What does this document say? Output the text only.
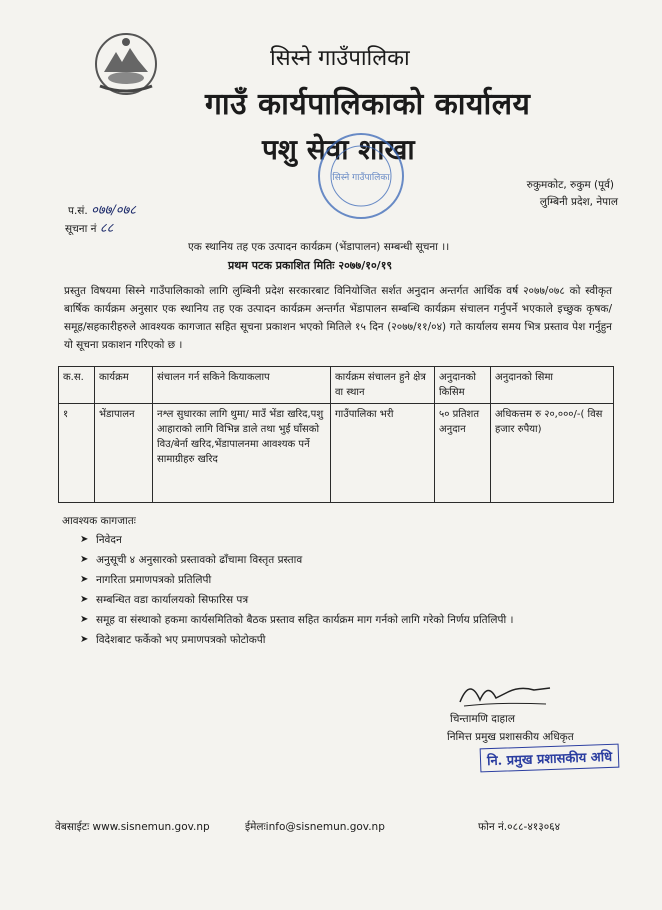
सिस्ने गाउँपालिका
गाउँ कार्यपालिकाको कार्यालय
पशु सेवा शाखा
सिस्ने गाउँपालिका
रुकुमकोट, रुकुम (पूर्व)
लुम्बिनी प्रदेश, नेपाल
प.सं. ०७७/०७८
सूचना नं ८८
एक स्थानिय तह एक उत्पादन कार्यक्रम (भेंडापालन) सम्बन्धी सूचना ।।
प्रथम पटक प्रकाशित मितिः २०७७/१०/१९
प्रस्तुत विषयमा सिस्ने गाउँपालिकाको लागि लुम्बिनी प्रदेश सरकारबाट विनियोजित सर्शत अनुदान अन्तर्गत आर्थिक वर्ष २०७७/०७८ को स्वीकृत बार्षिक कार्यक्रम अनुसार एक स्थानिय तह एक उत्पादन कार्यक्रम अन्तर्गत भेंडापालन सम्बन्धि कार्यक्रम संचालन गर्नुपर्ने भएकाले इच्छुक कृषक/समूह/सहकारीहरुले आवश्यक कागजात सहित सूचना प्रकाशन भएको मितिले १५ दिन (२०७७/११/०४) गते कार्यालय समय भित्र प्रस्ताव पेश गर्नुहुन यो सूचना प्रकाशन गरिएको छ ।
क.स.	कार्यक्रम	संचालन गर्न सकिने कियाकलाप	कार्यक्रम संचालन हुने क्षेत्र वा स्थान	अनुदानको किसिम	अनुदानको सिमा
१	भेंडापालन	नश्ल सुधारका लागि थुमा/ माउँ भेंडा खरिद,पशु आहाराको लागि विभिन्न डाले तथा भुई घाँसको विउ/बेर्ना खरिद,भेंडापालनमा आवश्यक पर्ने सामाग्रीहरु खरिद	गाउँपालिका भरी	५० प्रतिशत अनुदान	अधिकत्तम रु २०,०००/-( विस हजार रुपैया)
आवश्यक कागजातः
➤ निवेदन
➤ अनुसूची ४ अनुसारको प्रस्तावको ढाँचामा विस्तृत प्रस्ताव
➤ नागरिता प्रमाणपत्रको प्रतिलिपी
➤ सम्बन्धित वडा कार्यालयको सिफारिस पत्र
➤ समूह वा संस्थाको हकमा कार्यसमितिको बैठक प्रस्ताव सहित कार्यक्रम माग गर्नको लागि गरेको निर्णय प्रतिलिपी ।
➤ विदेशबाट फर्केको भए प्रमाणपत्रको फोटोकपी
चिन्तामणि दाहाल
निमित्त प्रमुख प्रशासकीय अधिकृत
नि. प्रमुख प्रशासकीय अधि
वेबसाईटः www.sisnemun.gov.np	ईमेलःinfo@sisnemun.gov.np	फोन नं.०८८-४१३०६४
